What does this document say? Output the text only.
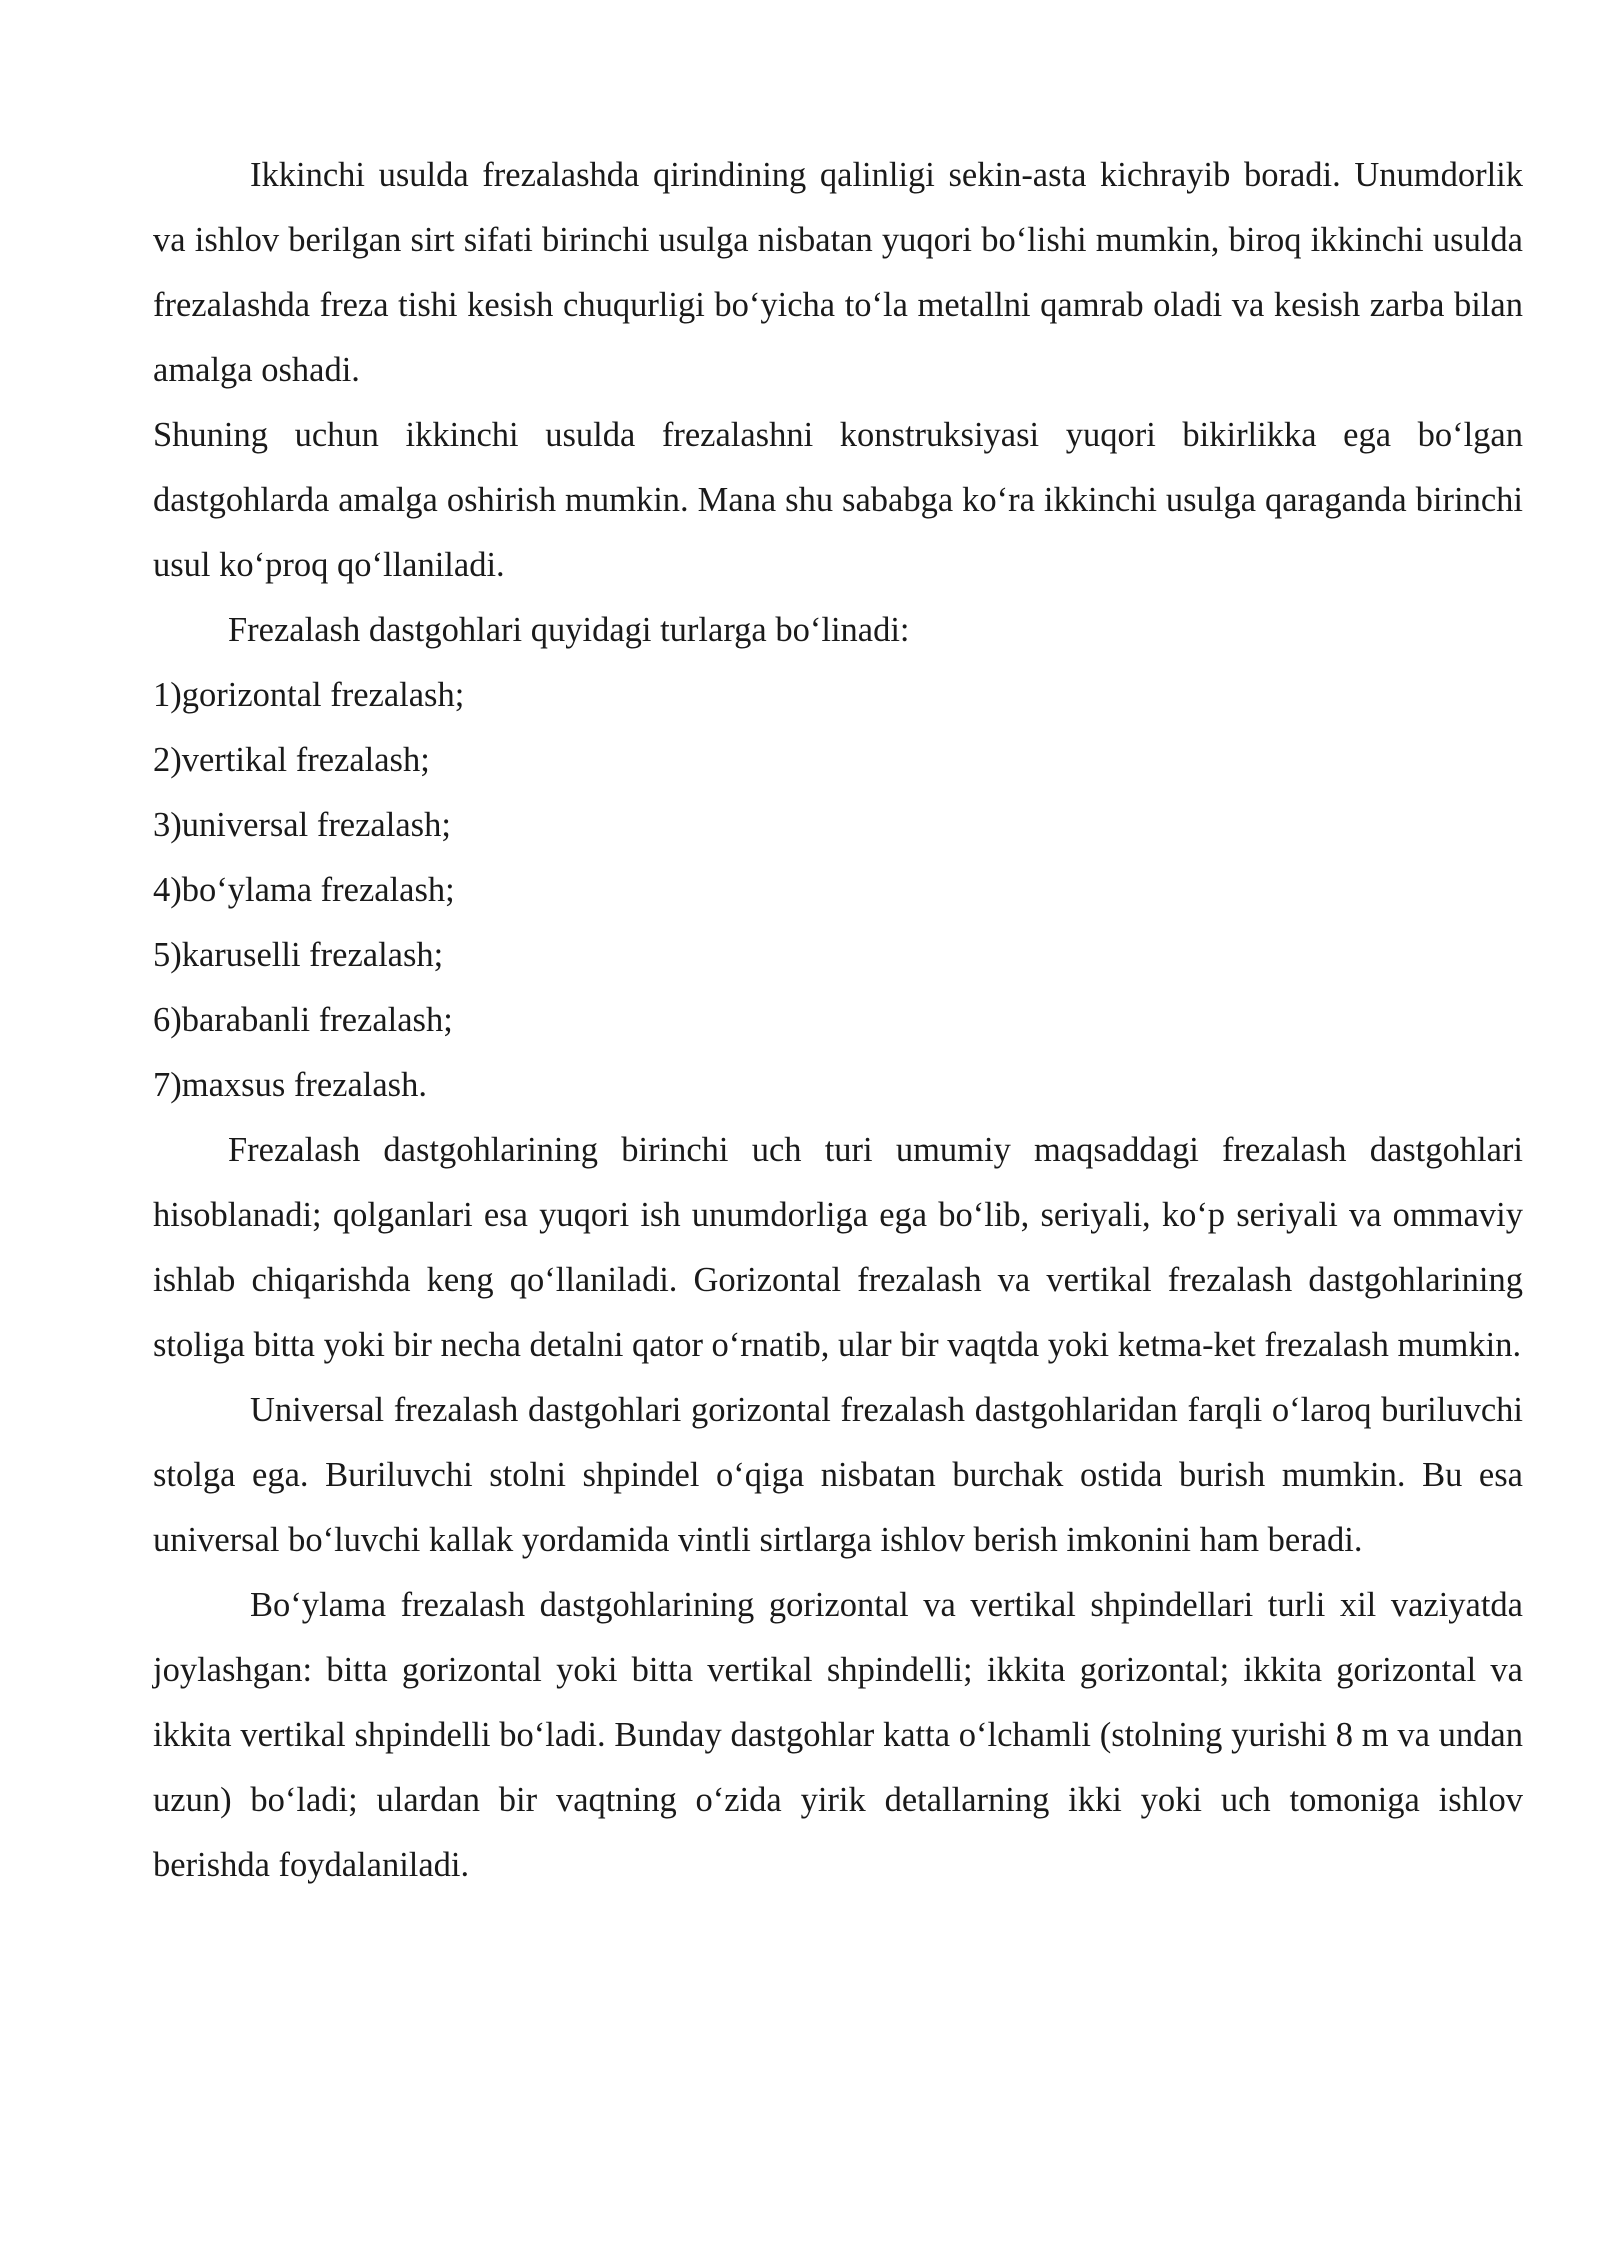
Ikkinchi usulda frezalashda qirindining qalinligi sekin-asta kichrayib boradi. Unumdorlik va ishlov berilgan sirt sifati birinchi usulga nisbatan yuqori bo‘lishi mumkin, biroq ikkinchi usulda frezalashda freza tishi kesish chuqurligi bo‘yicha to‘la metallni qamrab oladi va kesish zarba bilan amalga oshadi.

Shuning uchun ikkinchi usulda frezalashni konstruksiyasi yuqori bikirlikka ega bo‘lgan dastgohlarda amalga oshirish mumkin. Mana shu sababga ko‘ra ikkinchi usulga qaraganda birinchi usul ko‘proq qo‘llaniladi.

Frezalash dastgohlari quyidagi turlarga bo‘linadi:

1)gorizontal frezalash;

2)vertikal frezalash;

3)universal frezalash;

4)bo‘ylama frezalash;

5)karuselli frezalash;

6)barabanli frezalash;

7)maxsus frezalash.

Frezalash dastgohlarining birinchi uch turi umumiy maqsaddagi frezalash dastgohlari hisoblanadi; qolganlari esa yuqori ish unumdorliga ega bo‘lib, seriyali, ko‘p seriyali va ommaviy ishlab chiqarishda keng qo‘llaniladi. Gorizontal frezalash va vertikal frezalash dastgohlarining stoliga bitta yoki bir necha detalni qator o‘rnatib, ular bir vaqtda yoki ketma-ket frezalash mumkin.

Universal frezalash dastgohlari gorizontal frezalash dastgohlaridan farqli o‘laroq buriluvchi stolga ega. Buriluvchi stolni shpindel o‘qiga nisbatan burchak ostida burish mumkin. Bu esa universal bo‘luvchi kallak yordamida vintli sirtlarga ishlov berish imkonini ham beradi.

Bo‘ylama frezalash dastgohlarining gorizontal va vertikal shpindellari turli xil vaziyatda joylashgan: bitta gorizontal yoki bitta vertikal shpindelli; ikkita gorizontal; ikkita gorizontal va ikkita vertikal shpindelli bo‘ladi. Bunday dastgohlar katta o‘lchamli (stolning yurishi 8 m va undan uzun) bo‘ladi; ulardan bir vaqtning o‘zida yirik detallarning ikki yoki uch tomoniga ishlov berishda foydalaniladi.
